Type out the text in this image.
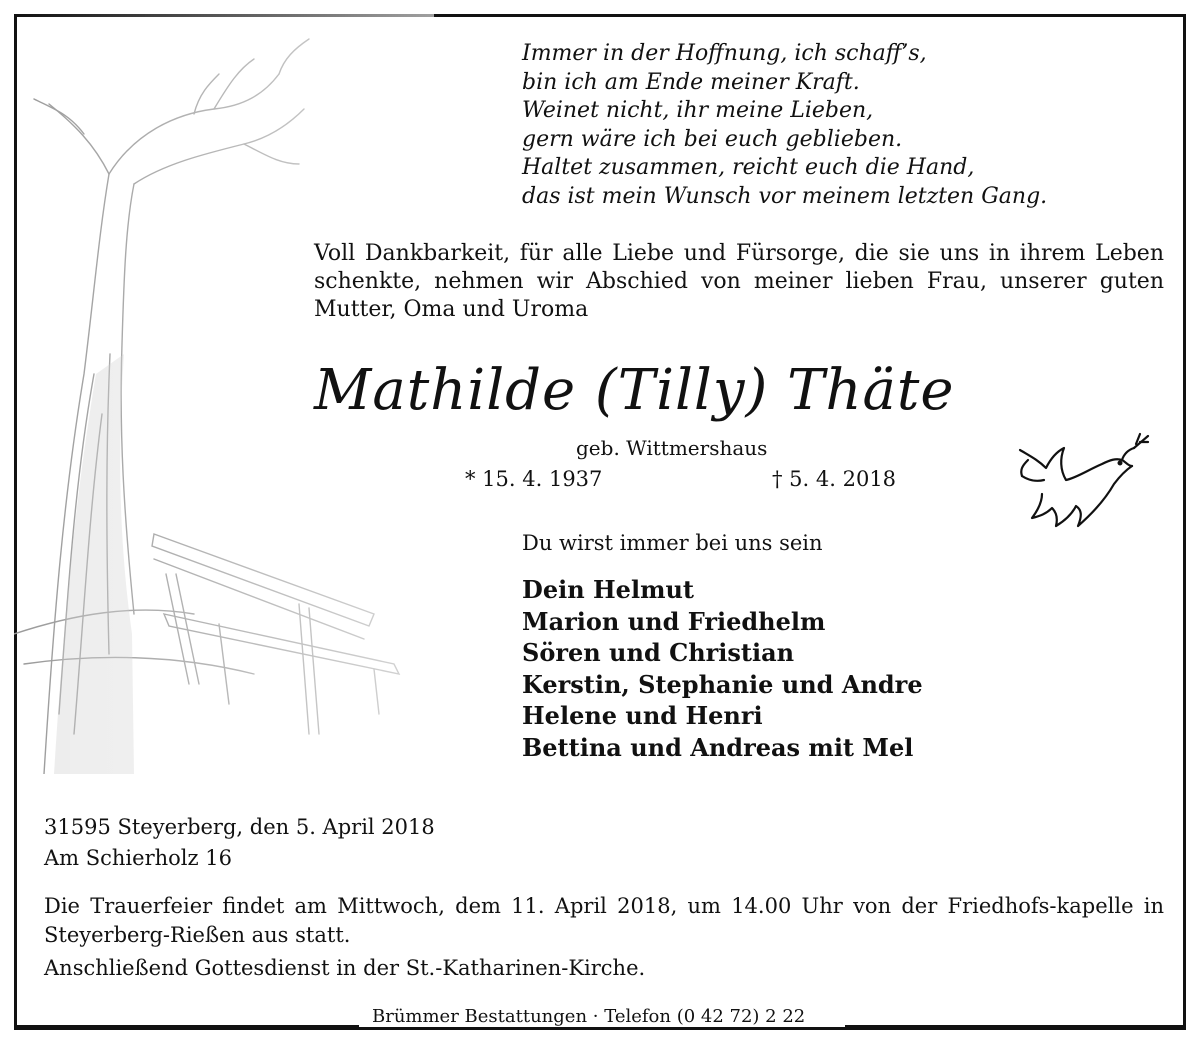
Immer in der Hoffnung, ich schaff’s,
bin ich am Ende meiner Kraft.
Weinet nicht, ihr meine Lieben,
gern wäre ich bei euch geblieben.
Haltet zusammen, reicht euch die Hand,
das ist mein Wunsch vor meinem letzten Gang.
Voll Dankbarkeit, für alle Liebe und Fürsorge, die sie uns in ihrem Leben schenkte, nehmen wir Abschied von meiner lieben Frau, unserer guten Mutter, Oma und Uroma
Mathilde (Tilly) Thäte
geb. Wittmershaus
* 15. 4. 1937	† 5. 4. 2018
Du wirst immer bei uns sein
Dein Helmut
Marion und Friedhelm
Sören und Christian
Kerstin, Stephanie und Andre
Helene und Henri
Bettina und Andreas mit Mel
31595 Steyerberg, den 5. April 2018
Am Schierholz 16
Die Trauerfeier findet am Mittwoch, dem 11. April 2018, um 14.00 Uhr von der Friedhofs-kapelle in Steyerberg-Rießen aus statt.
Anschließend Gottesdienst in der St.-Katharinen-Kirche.
Brümmer Bestattungen · Telefon (0 42 72) 2 22
